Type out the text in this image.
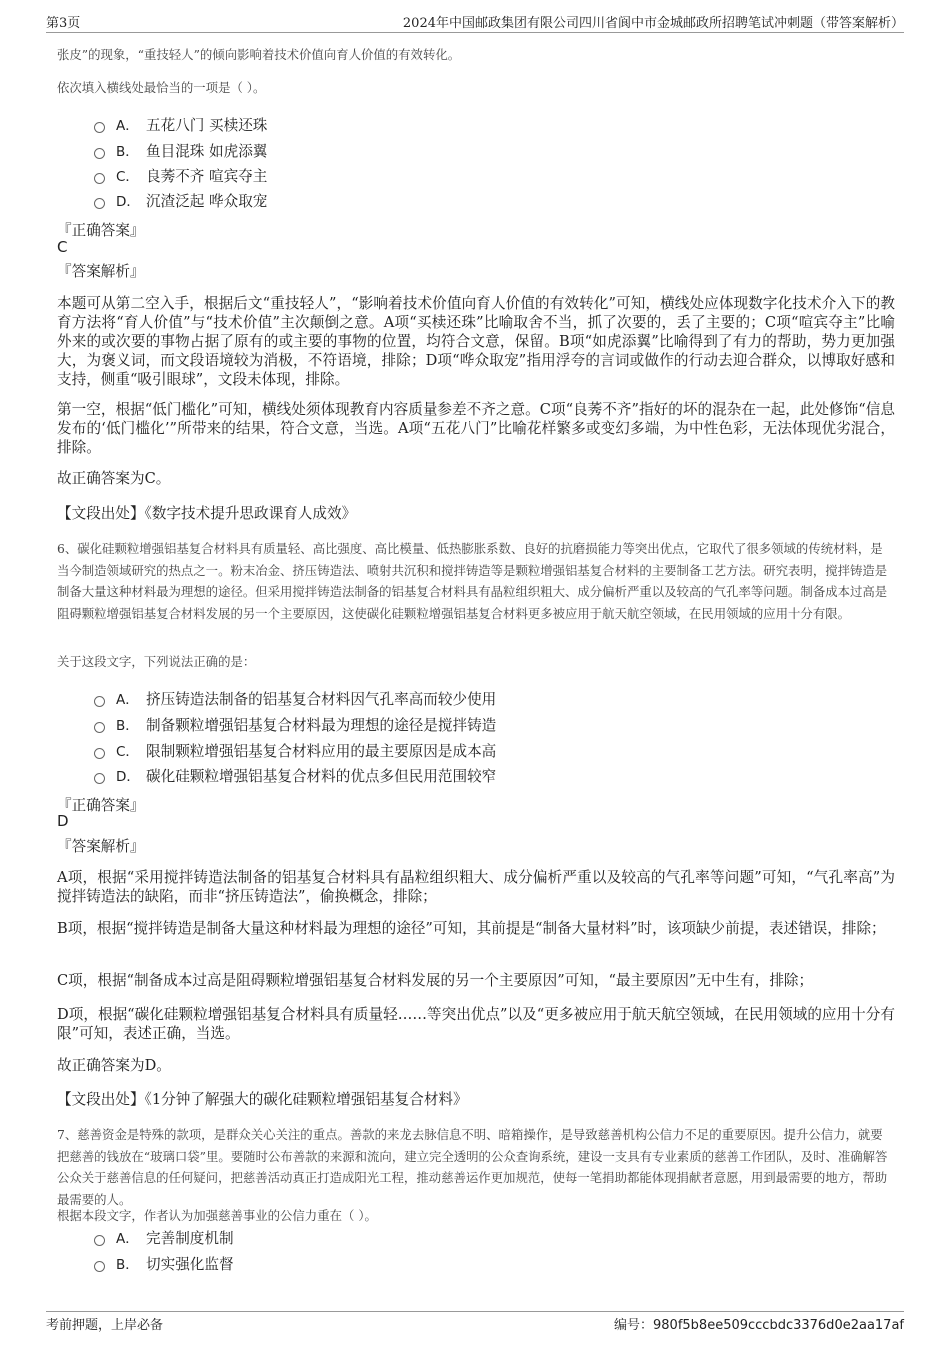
第3页	2024年中国邮政集团有限公司四川省阆中市金城邮政所招聘笔试冲刺题（带答案解析）
张皮”的现象，“重技轻人”的倾向影响着技术价值向育人价值的有效转化。
依次填入横线处最恰当的一项是（ ）。
A． 五花八门 买椟还珠
B． 鱼目混珠 如虎添翼
C． 良莠不齐 喧宾夺主
D． 沉渣泛起 哗众取宠
『正确答案』
C
『答案解析』
本题可从第二空入手，根据后文“重技轻人”，“影响着技术价值向育人价值的有效转化”可知，横线处应体现数字化技术介入下的教育方法将“育人价值”与“技术价值”主次颠倒之意。A项“买椟还珠”比喻取舍不当，抓了次要的，丢了主要的；C项“喧宾夺主”比喻外来的或次要的事物占据了原有的或主要的事物的位置，均符合文意，保留。B项“如虎添翼”比喻得到了有力的帮助，势力更加强大，为褒义词，而文段语境较为消极，不符语境，排除；D项“哗众取宠”指用浮夸的言词或做作的行动去迎合群众，以博取好感和支持，侧重“吸引眼球”，文段未体现，排除。
第一空，根据“低门槛化”可知，横线处须体现教育内容质量参差不齐之意。C项“良莠不齐”指好的坏的混杂在一起，此处修饰“信息发布的‘低门槛化’”所带来的结果，符合文意，当选。A项“五花八门”比喻花样繁多或变幻多端，为中性色彩，无法体现优劣混合，排除。
故正确答案为C。
【文段出处】《数字技术提升思政课育人成效》
6、碳化硅颗粒增强铝基复合材料具有质量轻、高比强度、高比模量、低热膨胀系数、良好的抗磨损能力等突出优点，它取代了很多领域的传统材料，是当今制造领域研究的热点之一。粉末冶金、挤压铸造法、喷射共沉积和搅拌铸造等是颗粒增强铝基复合材料的主要制备工艺方法。研究表明，搅拌铸造是制备大量这种材料最为理想的途径。但采用搅拌铸造法制备的铝基复合材料具有晶粒组织粗大、成分偏析严重以及较高的气孔率等问题。制备成本过高是阻碍颗粒增强铝基复合材料发展的另一个主要原因，这使碳化硅颗粒增强铝基复合材料更多被应用于航天航空领域，在民用领域的应用十分有限。
关于这段文字，下列说法正确的是：
A． 挤压铸造法制备的铝基复合材料因气孔率高而较少使用
B． 制备颗粒增强铝基复合材料最为理想的途径是搅拌铸造
C． 限制颗粒增强铝基复合材料应用的最主要原因是成本高
D． 碳化硅颗粒增强铝基复合材料的优点多但民用范围较窄
『正确答案』
D
『答案解析』
A项，根据“采用搅拌铸造法制备的铝基复合材料具有晶粒组织粗大、成分偏析严重以及较高的气孔率等问题”可知，“气孔率高”为搅拌铸造法的缺陷，而非“挤压铸造法”，偷换概念，排除；
B项，根据“搅拌铸造是制备大量这种材料最为理想的途径”可知，其前提是“制备大量材料”时，该项缺少前提，表述错误，排除；
C项，根据“制备成本过高是阻碍颗粒增强铝基复合材料发展的另一个主要原因”可知，“最主要原因”无中生有，排除；
D项，根据“碳化硅颗粒增强铝基复合材料具有质量轻……等突出优点”以及“更多被应用于航天航空领域，在民用领域的应用十分有限”可知，表述正确，当选。
故正确答案为D。
【文段出处】《1分钟了解强大的碳化硅颗粒增强铝基复合材料》
7、慈善资金是特殊的款项，是群众关心关注的重点。善款的来龙去脉信息不明、暗箱操作，是导致慈善机构公信力不足的重要原因。提升公信力，就要把慈善的钱放在“玻璃口袋”里。要随时公布善款的来源和流向，建立完全透明的公众查询系统，建设一支具有专业素质的慈善工作团队，及时、准确解答公众关于慈善信息的任何疑问，把慈善活动真正打造成阳光工程，推动慈善运作更加规范，使每一笔捐助都能体现捐献者意愿，用到最需要的地方，帮助最需要的人。
根据本段文字，作者认为加强慈善事业的公信力重在（ ）。
A． 完善制度机制
B． 切实强化监督
考前押题，上岸必备	编号：980f5b8ee509cccbdc3376d0e2aa17af
